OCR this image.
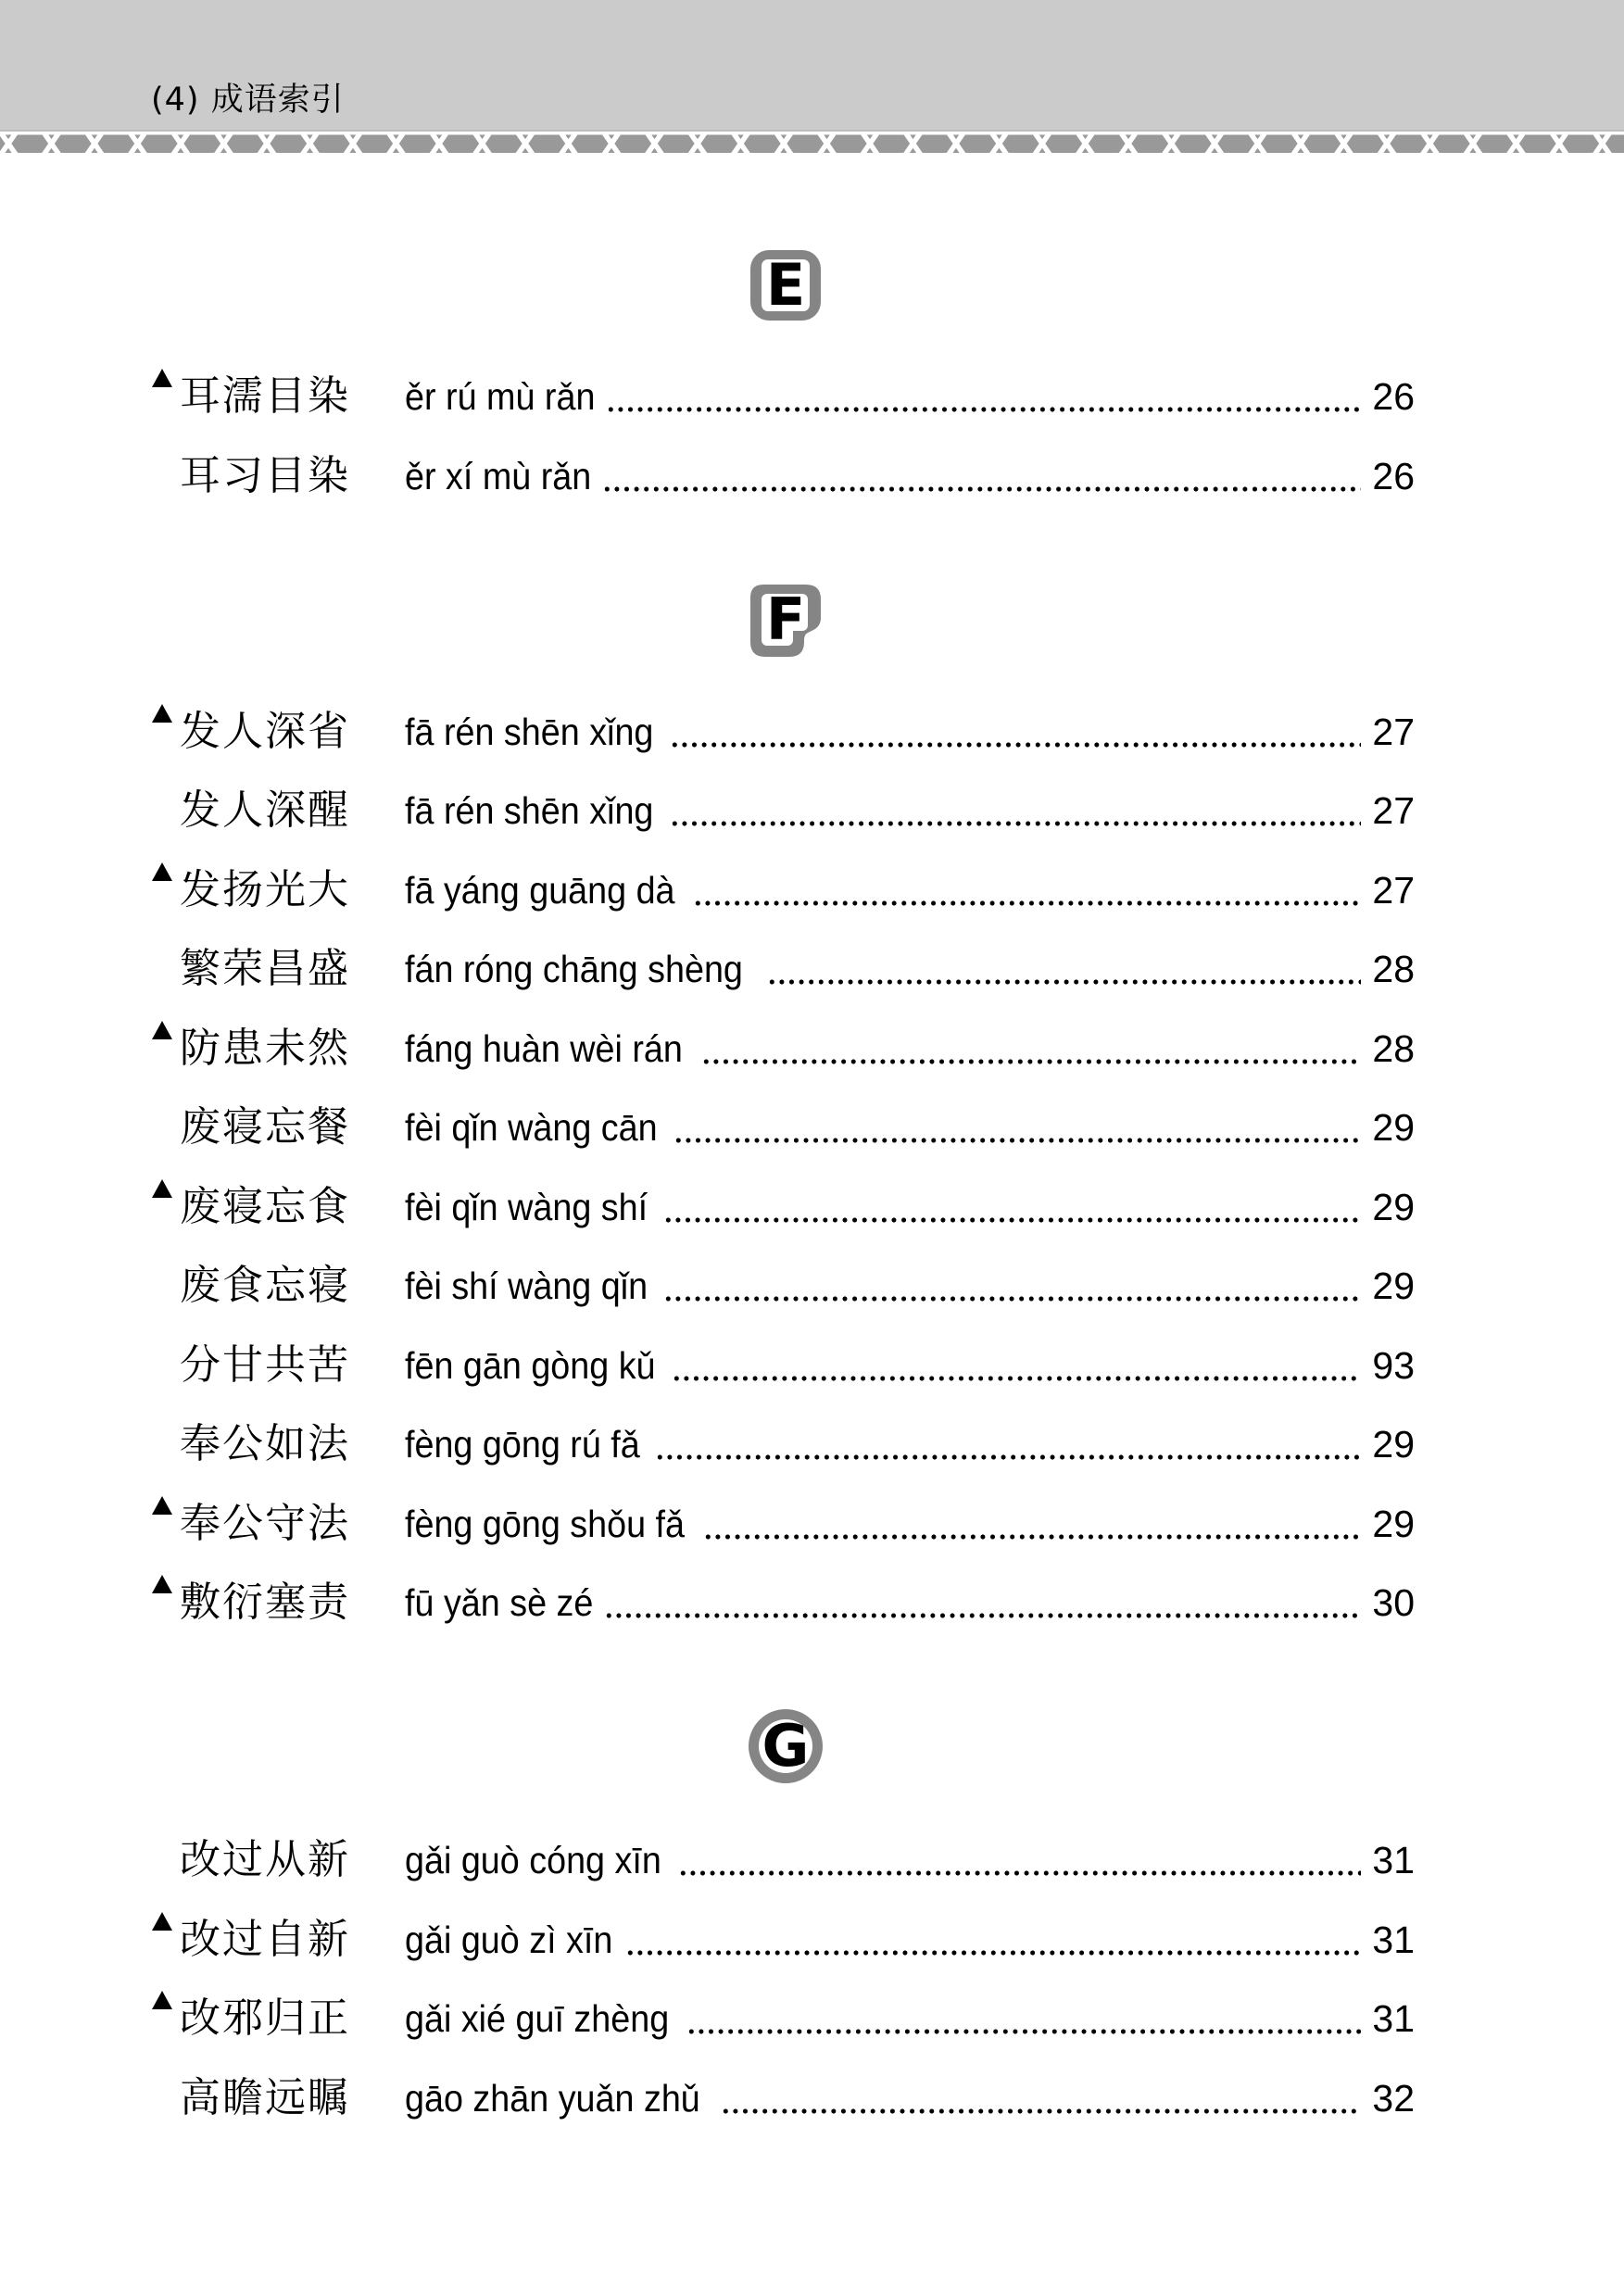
(4) 成语索引
E
耳濡目染 ěr rú mù rǎn	26
耳习目染 ěr xí mù rǎn	26
F
发人深省 fā rén shēn xǐng	27
发人深醒 fā rén shēn xǐng	27
发扬光大 fā yáng guāng dà	27
繁荣昌盛 fán róng chāng shèng	28
防患未然 fáng huàn wèi rán	28
废寝忘餐 fèi qǐn wàng cān	29
废寝忘食 fèi qǐn wàng shí	29
废食忘寝 fèi shí wàng qǐn	29
分甘共苦 fēn gān gòng kǔ	93
奉公如法 fèng gōng rú fǎ	29
奉公守法 fèng gōng shǒu fǎ	29
敷衍塞责 fū yǎn sè zé	30
G
改过从新 gǎi guò cóng xīn	31
改过自新 gǎi guò zì xīn	31
改邪归正 gǎi xié guī zhèng	31
高瞻远瞩 gāo zhān yuǎn zhǔ	32
